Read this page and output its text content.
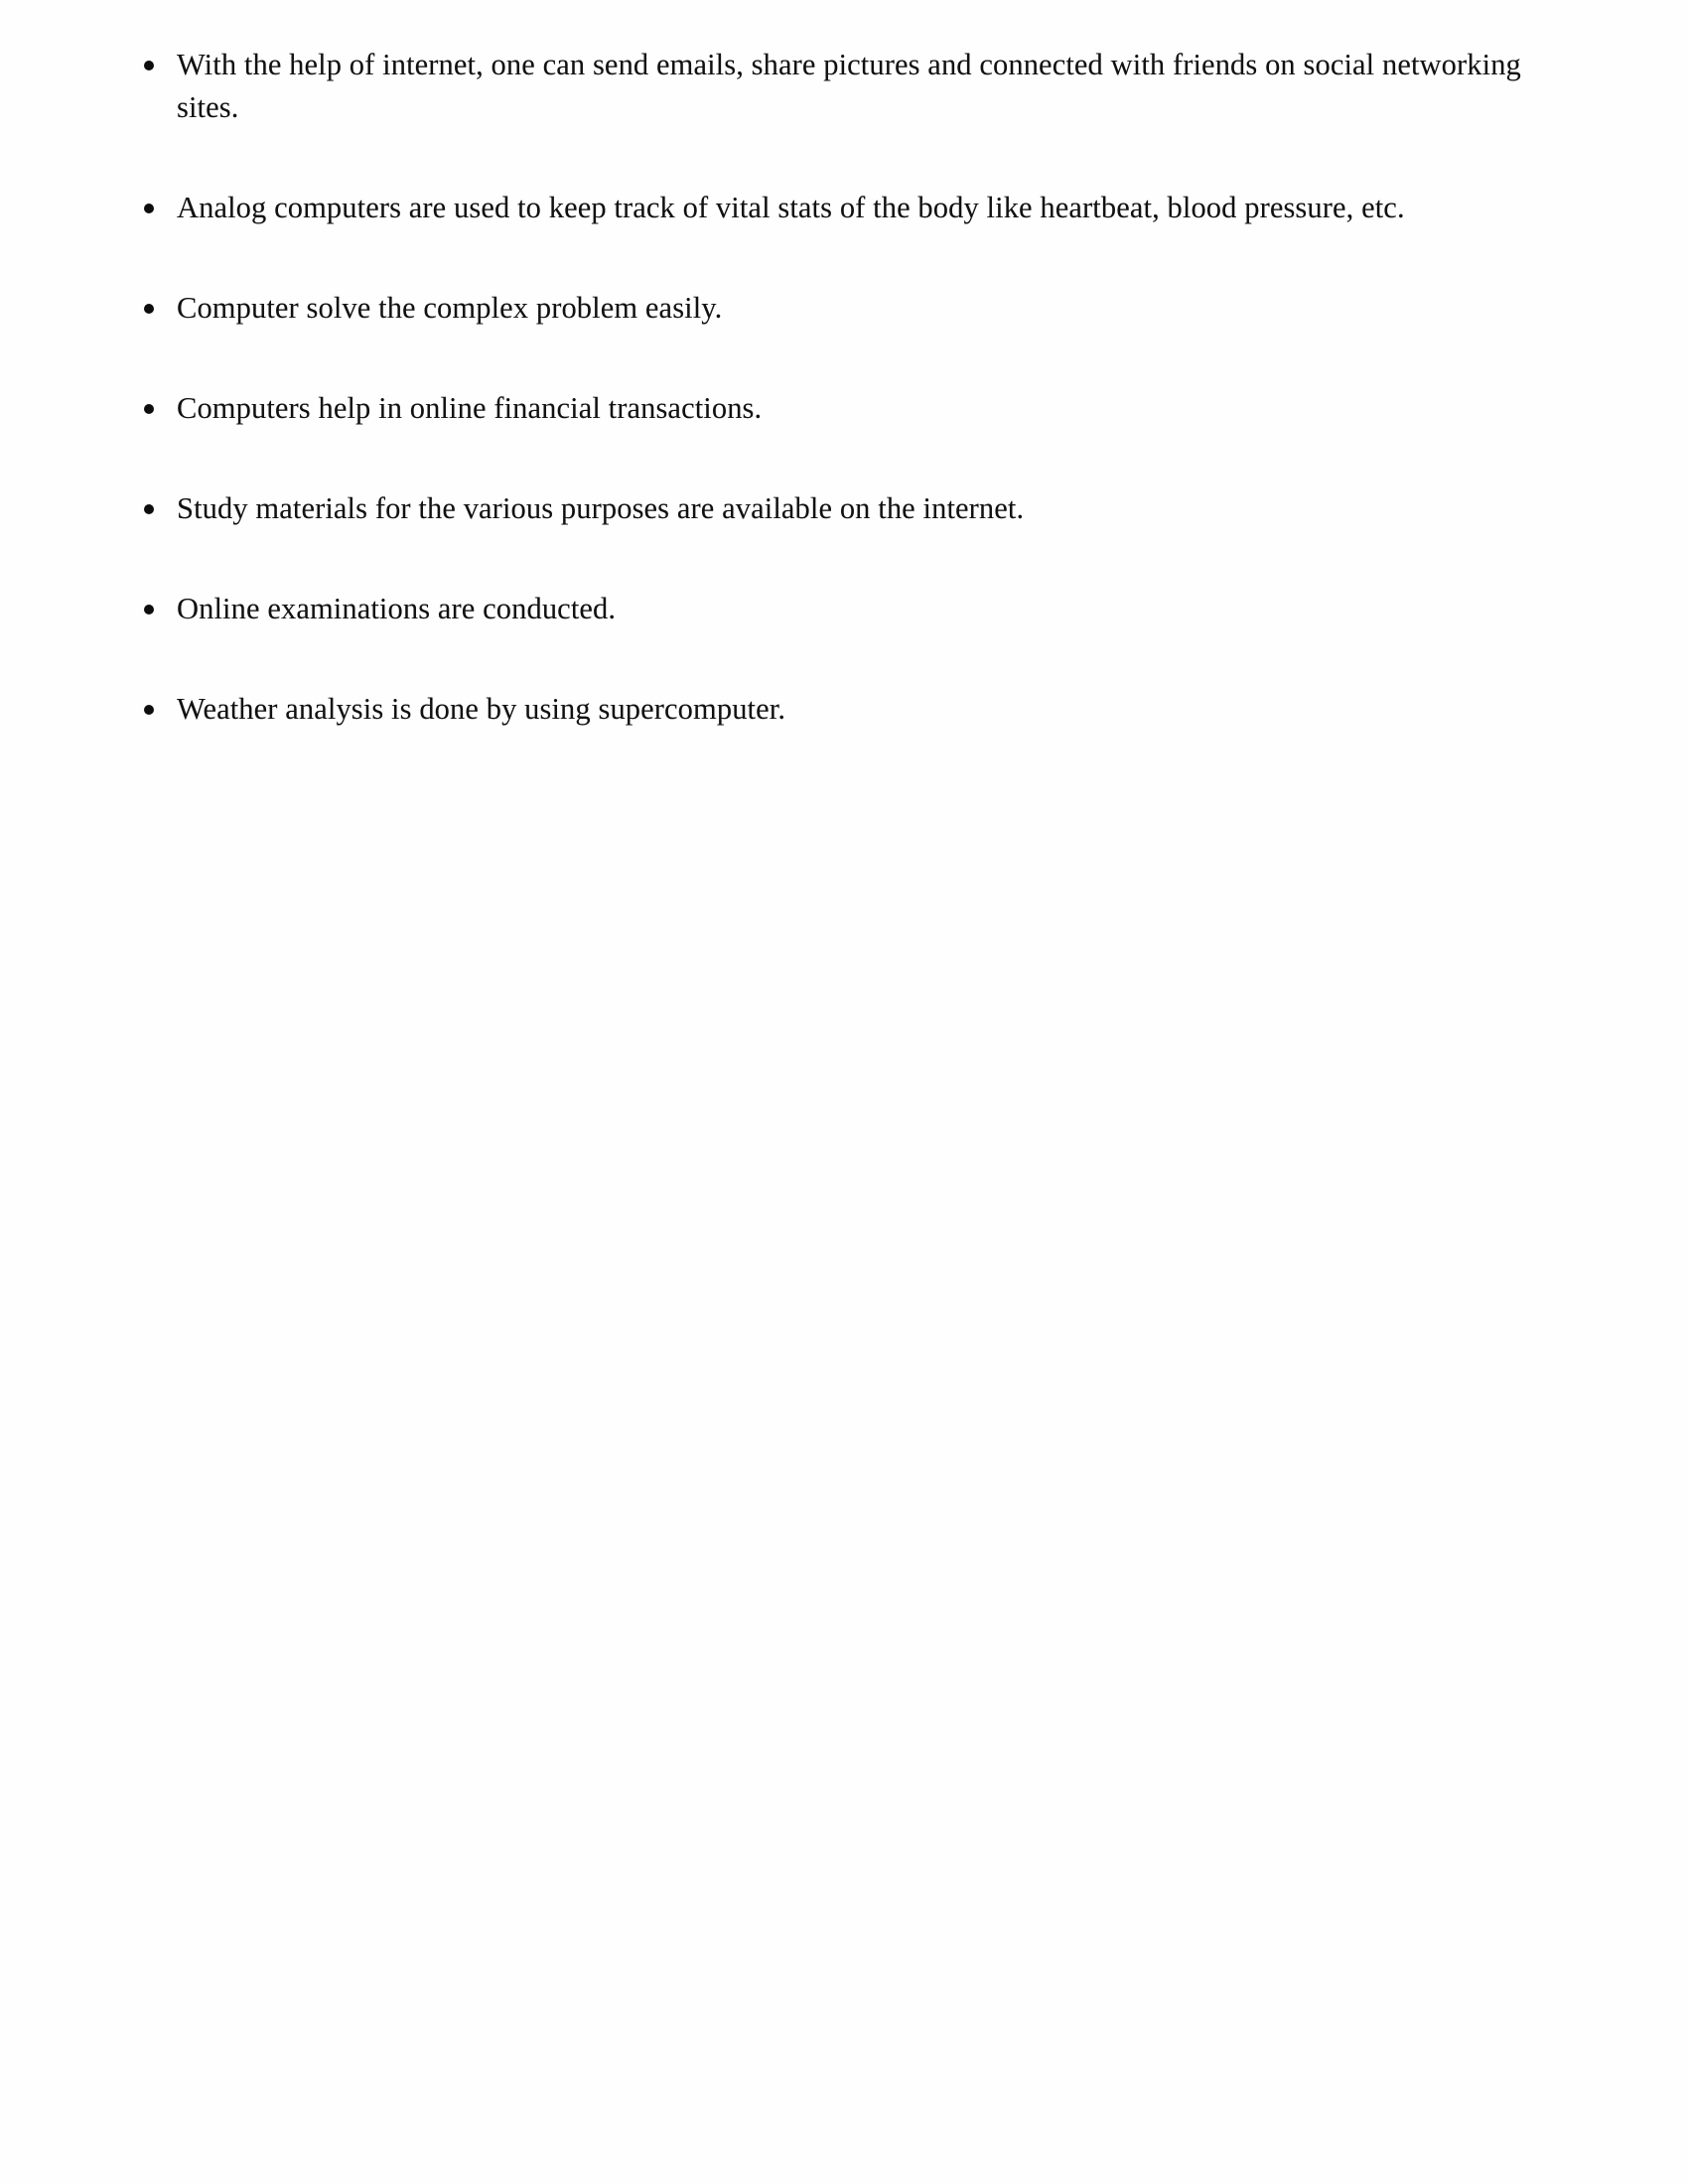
With the help of internet, one can send emails, share pictures and connected with friends on social networking sites.
Analog computers are used to keep track of vital stats of the body like heartbeat, blood pressure, etc.
Computer solve the complex problem easily.
Computers help in online financial transactions.
Study materials for the various purposes are available on the internet.
Online examinations are conducted.
Weather analysis is done by using supercomputer.
